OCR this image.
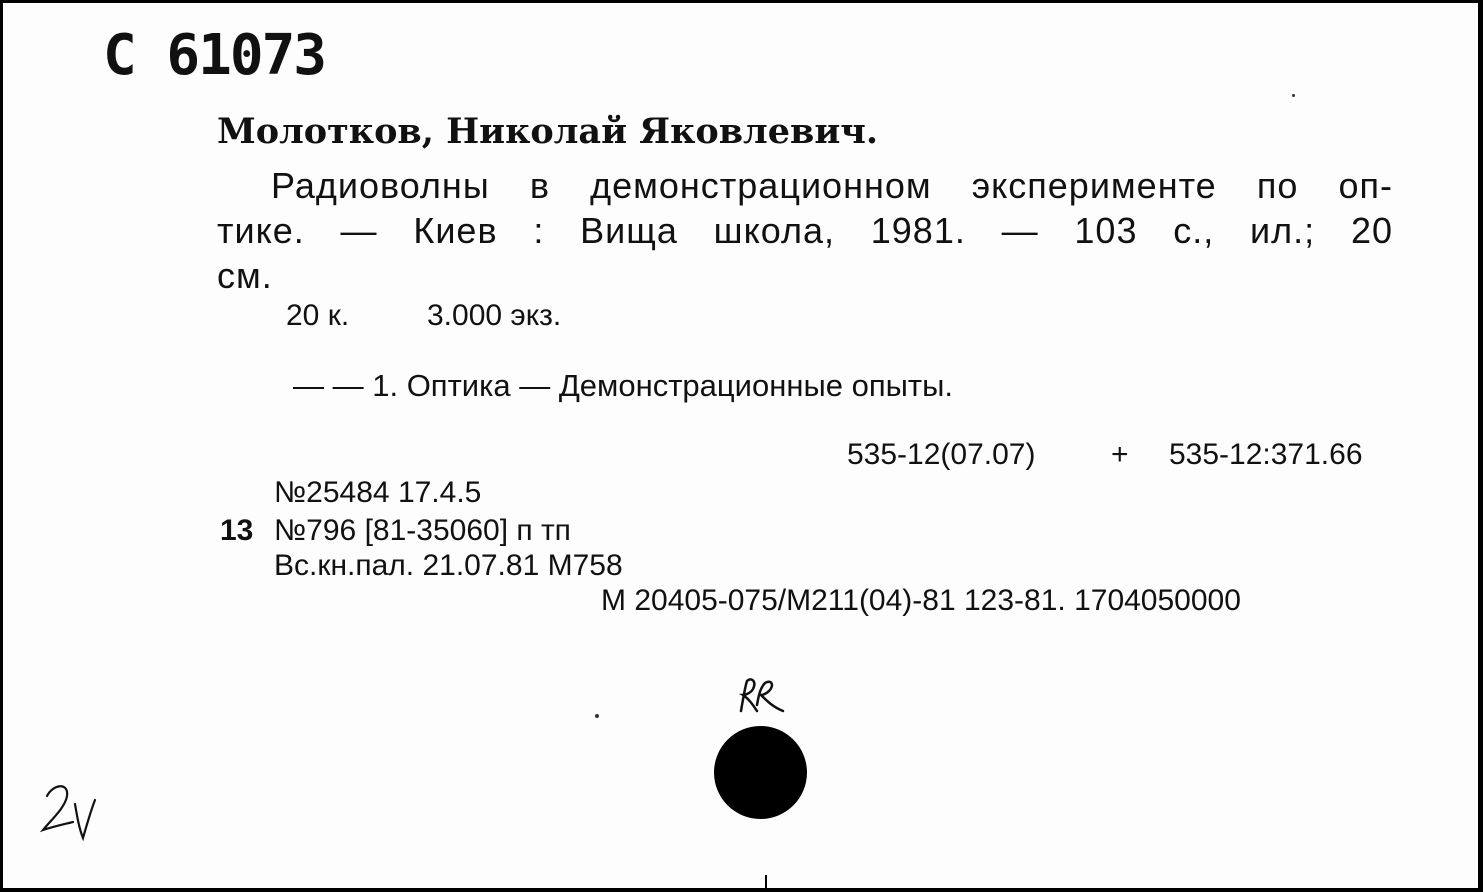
C 61073
Молотков, Николай Яковлевич.
Радиоволны в демонстрационном эксперименте по оп-
тике. — Киев : Вища школа, 1981. — 103 с., ил.; 20
см.
20 к.	3.000 экз.
— — 1. Оптика — Демонстрационные опыты.
535-12(07.07)	+ 535-12:371.66
№25484 17.4.5
13 №796 [81-35060] п тп
Вс.кн.пал. 21.07.81 М758
М 20405-075/М211(04)-81 123-81. 1704050000
